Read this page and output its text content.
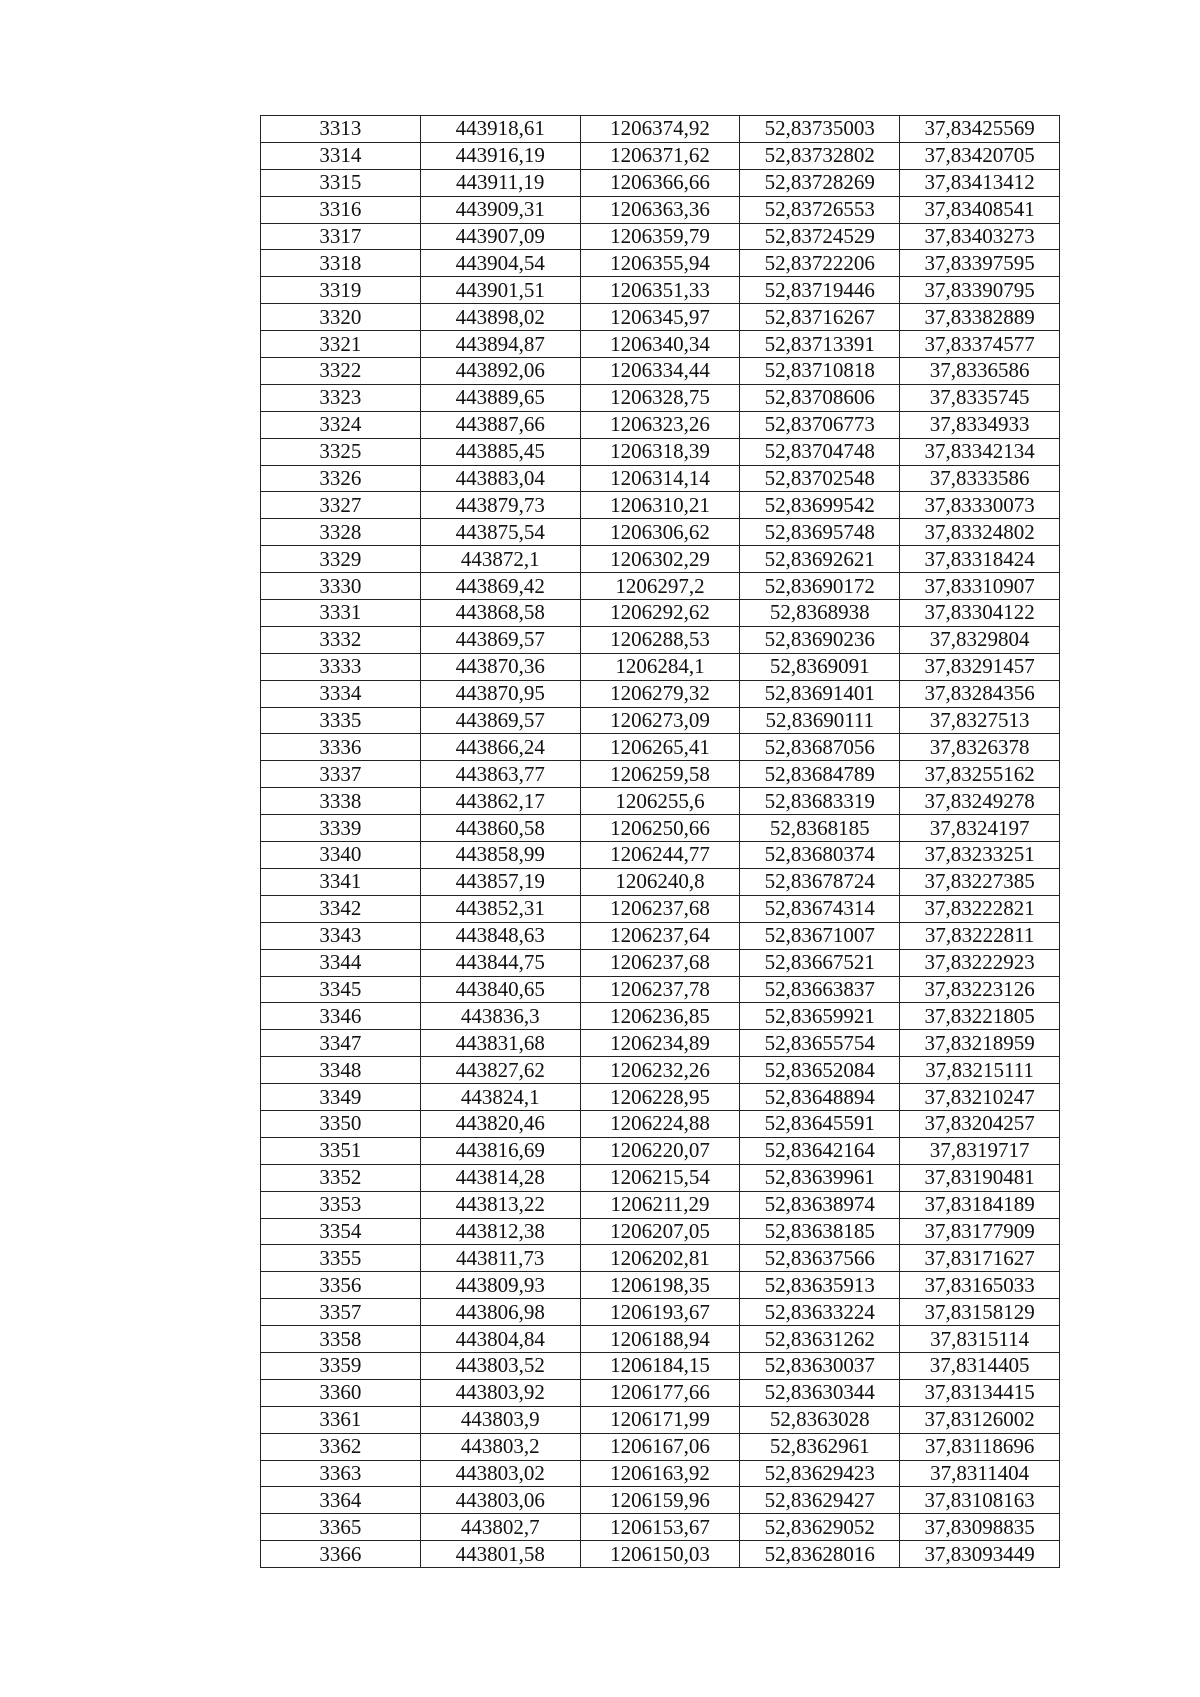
3313	443918,61	1206374,92	52,83735003	37,83425569
3314	443916,19	1206371,62	52,83732802	37,83420705
3315	443911,19	1206366,66	52,83728269	37,83413412
3316	443909,31	1206363,36	52,83726553	37,83408541
3317	443907,09	1206359,79	52,83724529	37,83403273
3318	443904,54	1206355,94	52,83722206	37,83397595
3319	443901,51	1206351,33	52,83719446	37,83390795
3320	443898,02	1206345,97	52,83716267	37,83382889
3321	443894,87	1206340,34	52,83713391	37,83374577
3322	443892,06	1206334,44	52,83710818	37,8336586
3323	443889,65	1206328,75	52,83708606	37,8335745
3324	443887,66	1206323,26	52,83706773	37,8334933
3325	443885,45	1206318,39	52,83704748	37,83342134
3326	443883,04	1206314,14	52,83702548	37,8333586
3327	443879,73	1206310,21	52,83699542	37,83330073
3328	443875,54	1206306,62	52,83695748	37,83324802
3329	443872,1	1206302,29	52,83692621	37,83318424
3330	443869,42	1206297,2	52,83690172	37,83310907
3331	443868,58	1206292,62	52,8368938	37,83304122
3332	443869,57	1206288,53	52,83690236	37,8329804
3333	443870,36	1206284,1	52,8369091	37,83291457
3334	443870,95	1206279,32	52,83691401	37,83284356
3335	443869,57	1206273,09	52,83690111	37,8327513
3336	443866,24	1206265,41	52,83687056	37,8326378
3337	443863,77	1206259,58	52,83684789	37,83255162
3338	443862,17	1206255,6	52,83683319	37,83249278
3339	443860,58	1206250,66	52,8368185	37,8324197
3340	443858,99	1206244,77	52,83680374	37,83233251
3341	443857,19	1206240,8	52,83678724	37,83227385
3342	443852,31	1206237,68	52,83674314	37,83222821
3343	443848,63	1206237,64	52,83671007	37,83222811
3344	443844,75	1206237,68	52,83667521	37,83222923
3345	443840,65	1206237,78	52,83663837	37,83223126
3346	443836,3	1206236,85	52,83659921	37,83221805
3347	443831,68	1206234,89	52,83655754	37,83218959
3348	443827,62	1206232,26	52,83652084	37,83215111
3349	443824,1	1206228,95	52,83648894	37,83210247
3350	443820,46	1206224,88	52,83645591	37,83204257
3351	443816,69	1206220,07	52,83642164	37,8319717
3352	443814,28	1206215,54	52,83639961	37,83190481
3353	443813,22	1206211,29	52,83638974	37,83184189
3354	443812,38	1206207,05	52,83638185	37,83177909
3355	443811,73	1206202,81	52,83637566	37,83171627
3356	443809,93	1206198,35	52,83635913	37,83165033
3357	443806,98	1206193,67	52,83633224	37,83158129
3358	443804,84	1206188,94	52,83631262	37,8315114
3359	443803,52	1206184,15	52,83630037	37,8314405
3360	443803,92	1206177,66	52,83630344	37,83134415
3361	443803,9	1206171,99	52,8363028	37,83126002
3362	443803,2	1206167,06	52,8362961	37,83118696
3363	443803,02	1206163,92	52,83629423	37,8311404
3364	443803,06	1206159,96	52,83629427	37,83108163
3365	443802,7	1206153,67	52,83629052	37,83098835
3366	443801,58	1206150,03	52,83628016	37,83093449
